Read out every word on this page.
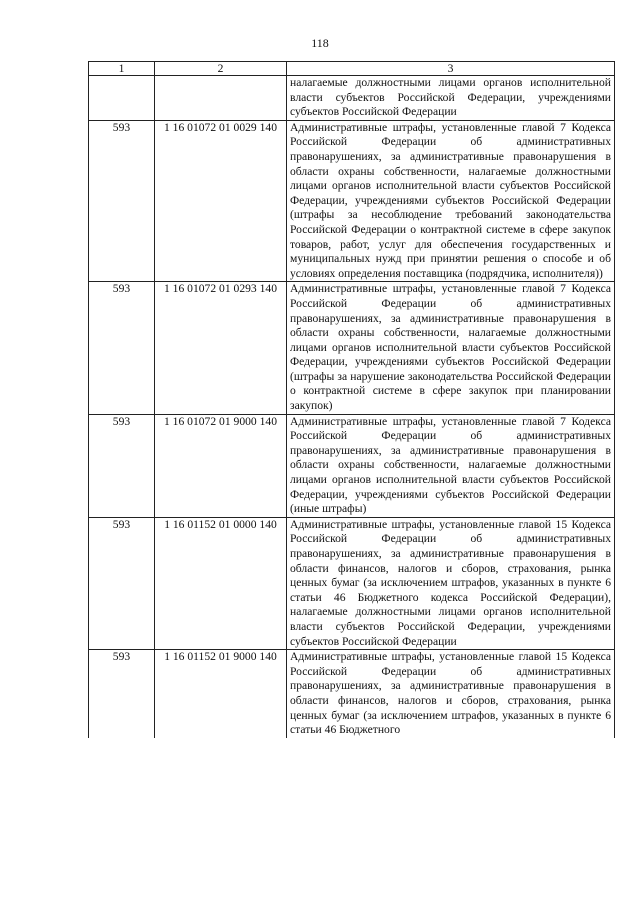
118
1	2	3
		налагаемые должностными лицами органов исполнительной власти субъектов Российской Федерации, учреждениями субъектов Российской Федерации
593	1 16 01072 01 0029 140	Административные штрафы, установленные главой 7 Кодекса Российской Федерации об административных правонарушениях, за административные правонарушения в области охраны собственности, налагаемые должностными лицами органов исполнительной власти субъектов Российской Федерации, учреждениями субъектов Российской Федерации (штрафы за несоблюдение требований законодательства Российской Федерации о контрактной системе в сфере закупок товаров, работ, услуг для обеспечения государственных и муниципальных нужд при принятии решения о способе и об условиях определения поставщика (подрядчика, исполнителя))
593	1 16 01072 01 0293 140	Административные штрафы, установленные главой 7 Кодекса Российской Федерации об административных правонарушениях, за административные правонарушения в области охраны собственности, налагаемые должностными лицами органов исполнительной власти субъектов Российской Федерации, учреждениями субъектов Российской Федерации (штрафы за нарушение законодательства Российской Федерации о контрактной системе в сфере закупок при планировании закупок)
593	1 16 01072 01 9000 140	Административные штрафы, установленные главой 7 Кодекса Российской Федерации об административных правонарушениях, за административные правонарушения в области охраны собственности, налагаемые должностными лицами органов исполнительной власти субъектов Российской Федерации, учреждениями субъектов Российской Федерации (иные штрафы)
593	1 16 01152 01 0000 140	Административные штрафы, установленные главой 15 Кодекса Российской Федерации об административных правонарушениях, за административные правонарушения в области финансов, налогов и сборов, страхования, рынка ценных бумаг (за исключением штрафов, указанных в пункте 6 статьи 46 Бюджетного кодекса Российской Федерации), налагаемые должностными лицами органов исполнительной власти субъектов Российской Федерации, учреждениями субъектов Российской Федерации
593	1 16 01152 01 9000 140	Административные штрафы, установленные главой 15 Кодекса Российской Федерации об административных правонарушениях, за административные правонарушения в области финансов, налогов и сборов, страхования, рынка ценных бумаг (за исключением штрафов, указанных в пункте 6 статьи 46 Бюджетного
